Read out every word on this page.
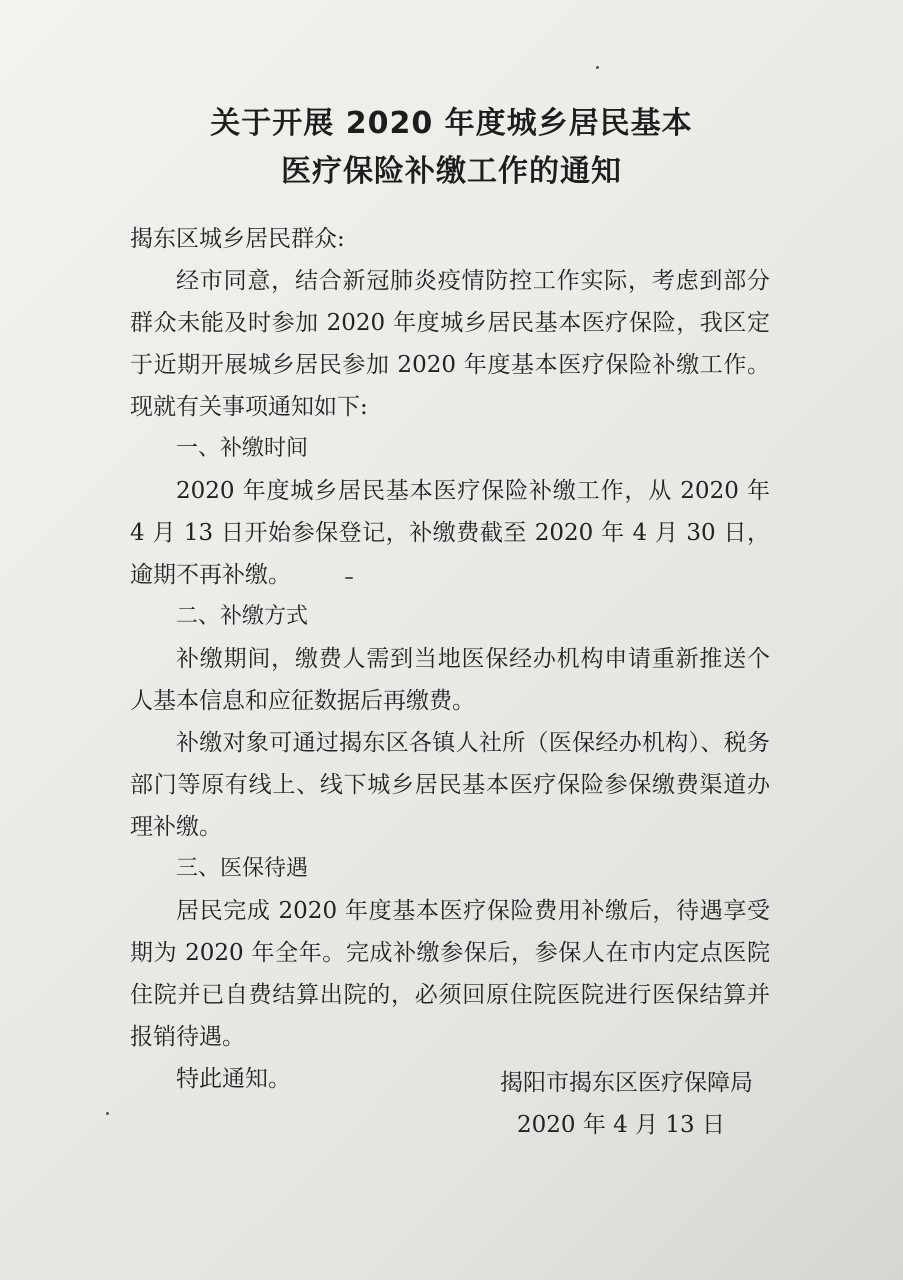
关于开展 2020 年度城乡居民基本
医疗保险补缴工作的通知

揭东区城乡居民群众:

经市同意，结合新冠肺炎疫情防控工作实际，考虑到部分群众未能及时参加 2020 年度城乡居民基本医疗保险，我区定于近期开展城乡居民参加 2020 年度基本医疗保险补缴工作。现就有关事项通知如下:

一、补缴时间

2020 年度城乡居民基本医疗保险补缴工作，从 2020 年 4 月 13 日开始参保登记，补缴费截至 2020 年 4 月 30 日，逾期不再补缴。

二、补缴方式

补缴期间，缴费人需到当地医保经办机构申请重新推送个人基本信息和应征数据后再缴费。

补缴对象可通过揭东区各镇人社所（医保经办机构）、税务部门等原有线上、线下城乡居民基本医疗保险参保缴费渠道办理补缴。

三、医保待遇

居民完成 2020 年度基本医疗保险费用补缴后，待遇享受期为 2020 年全年。完成补缴参保后，参保人在市内定点医院住院并已自费结算出院的，必须回原住院医院进行医保结算并报销待遇。

特此通知。	揭阳市揭东区医疗保障局
2020 年 4 月 13 日
